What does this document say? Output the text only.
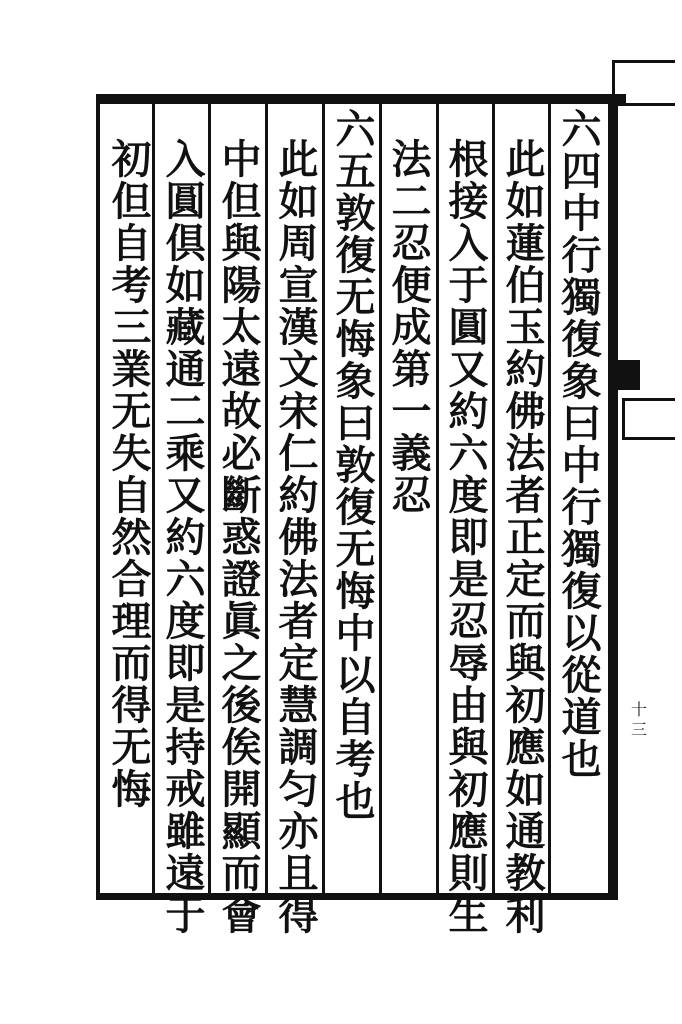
十三
六四中行獨復象曰中行獨復以從道也
此如蓮伯玉約佛法者正定而與初應如通教利
根接入于圓又約六度即是忍辱由與初應則生
法二忍便成第一義忍
六五敦復无悔象曰敦復无悔中以自考也
此如周宣漢文宋仁約佛法者定慧調匀亦且得
中但與陽太遠故必斷惑證眞之後俟開顯而會
入圓倶如藏通二乘又約六度即是持戒雖遠于
初但自考三業无失自然合理而得无悔
